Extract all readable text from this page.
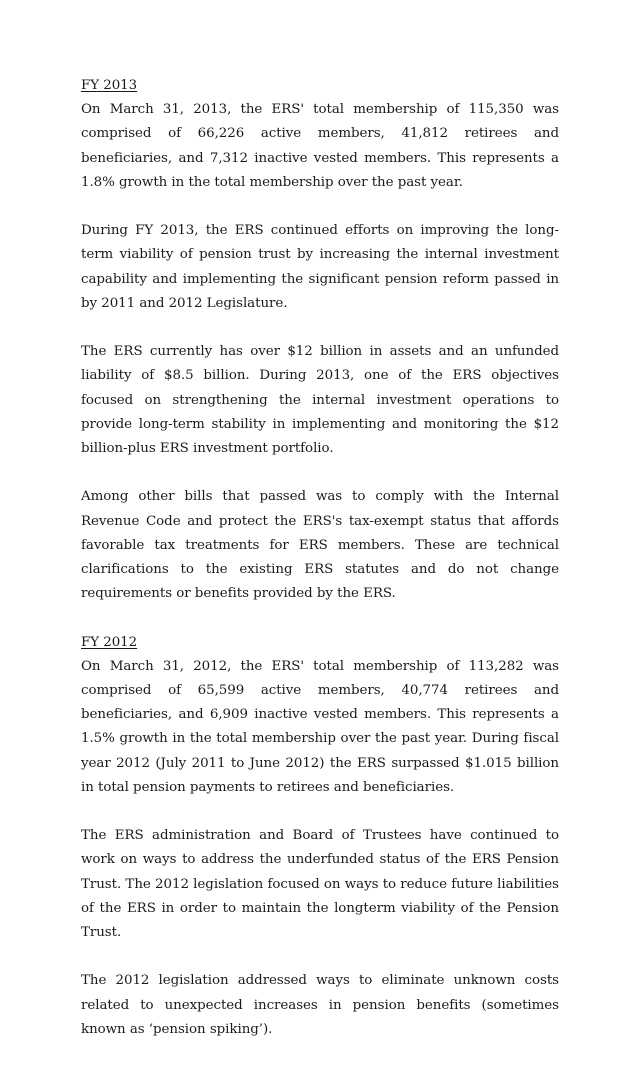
FY 2013

On March 31, 2013, the ERS' total membership of 115,350 was comprised of 66,226 active members, 41,812 retirees and beneficiaries, and 7,312 inactive vested members. This represents a 1.8% growth in the total membership over the past year.

During FY 2013, the ERS continued efforts on improving the long-term viability of pension trust by increasing the internal investment capability and implementing the significant pension reform passed in by 2011 and 2012 Legislature.

The ERS currently has over $12 billion in assets and an unfunded liability of $8.5 billion. During 2013, one of the ERS objectives focused on strengthening the internal investment operations to provide long-term stability in implementing and monitoring the $12 billion-plus ERS investment portfolio.

Among other bills that passed was to comply with the Internal Revenue Code and protect the ERS's tax-exempt status that affords favorable tax treatments for ERS members. These are technical clarifications to the existing ERS statutes and do not change requirements or benefits provided by the ERS.

FY 2012

On March 31, 2012, the ERS' total membership of 113,282 was comprised of 65,599 active members, 40,774 retirees and beneficiaries, and 6,909 inactive vested members. This represents a 1.5% growth in the total membership over the past year. During fiscal year 2012 (July 2011 to June 2012) the ERS surpassed $1.015 billion in total pension payments to retirees and beneficiaries.

The ERS administration and Board of Trustees have continued to work on ways to address the underfunded status of the ERS Pension Trust. The 2012 legislation focused on ways to reduce future liabilities of the ERS in order to maintain the longterm viability of the Pension Trust.

The 2012 legislation addressed ways to eliminate unknown costs related to unexpected increases in pension benefits (sometimes known as ‘pension spiking’).
